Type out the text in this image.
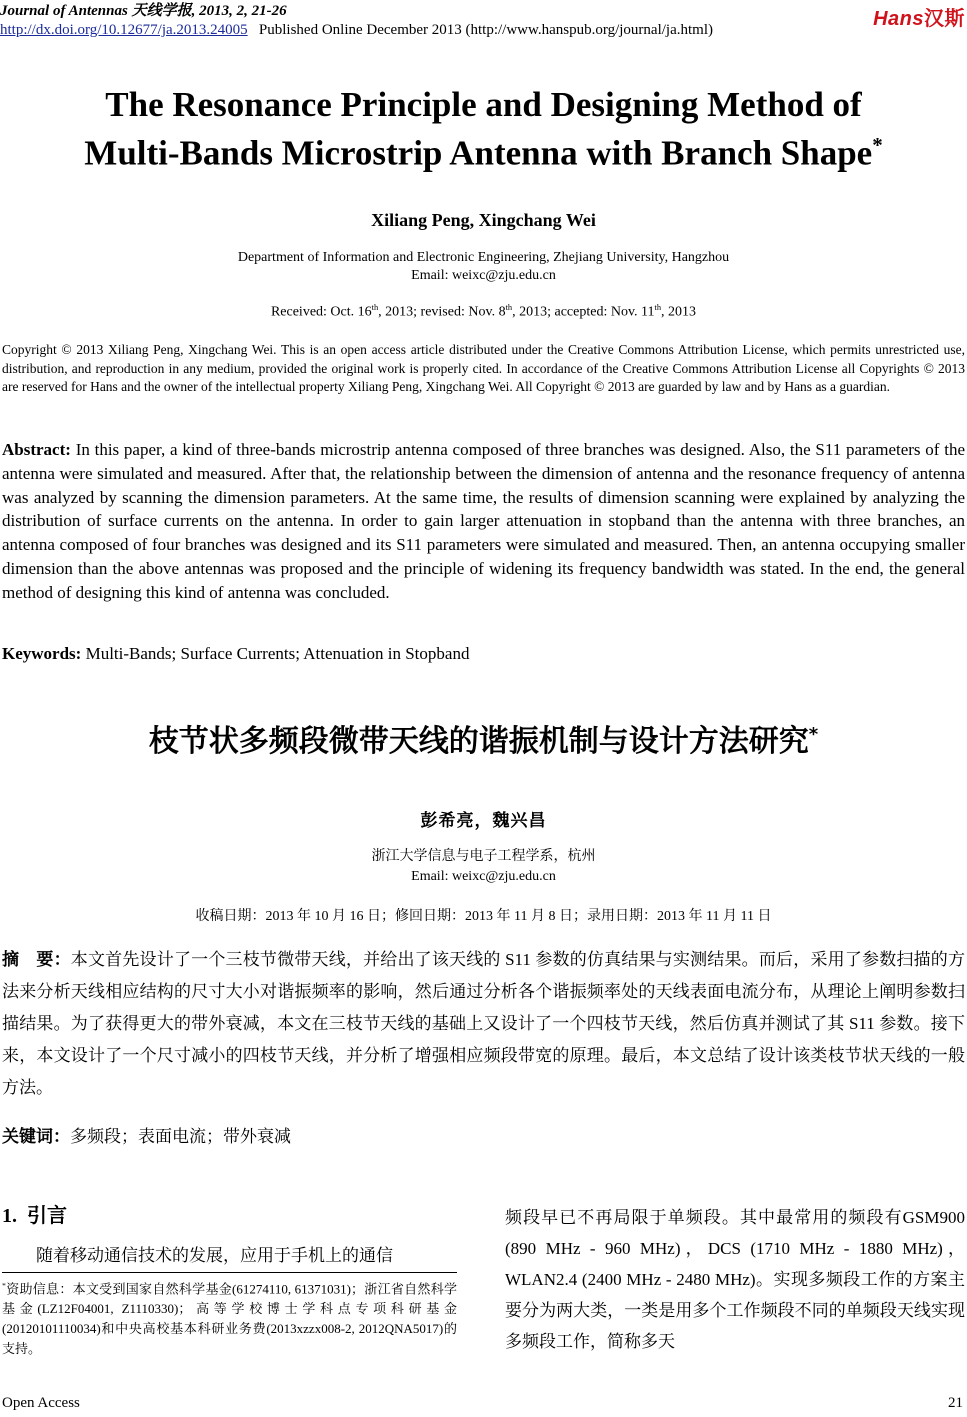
Journal of Antennas 天线学报, 2013, 2, 21-26
http://dx.doi.org/10.12677/ja.2013.24005 Published Online December 2013 (http://www.hanspub.org/journal/ja.html)	Hans汉斯
The Resonance Principle and Designing Method of
Multi-Bands Microstrip Antenna with Branch Shape*
Xiliang Peng, Xingchang Wei
Department of Information and Electronic Engineering, Zhejiang University, Hangzhou
Email: weixc@zju.edu.cn
Received: Oct. 16th, 2013; revised: Nov. 8th, 2013; accepted: Nov. 11th, 2013
Copyright © 2013 Xiliang Peng, Xingchang Wei. This is an open access article distributed under the Creative Commons Attribution License, which permits unrestricted use, distribution, and reproduction in any medium, provided the original work is properly cited. In accordance of the Creative Commons Attribution License all Copyrights © 2013 are reserved for Hans and the owner of the intellectual property Xiliang Peng, Xingchang Wei. All Copyright © 2013 are guarded by law and by Hans as a guardian.
Abstract: In this paper, a kind of three-bands microstrip antenna composed of three branches was designed. Also, the S11 parameters of the antenna were simulated and measured. After that, the relationship between the dimension of antenna and the resonance frequency of antenna was analyzed by scanning the dimension parameters. At the same time, the results of dimension scanning were explained by analyzing the distribution of surface currents on the antenna. In order to gain larger attenuation in stopband than the antenna with three branches, an antenna composed of four branches was designed and its S11 parameters were simulated and measured. Then, an antenna occupying smaller dimension than the above antennas was proposed and the principle of widening its frequency bandwidth was stated. In the end, the general method of designing this kind of antenna was concluded.
Keywords: Multi-Bands; Surface Currents; Attenuation in Stopband
枝节状多频段微带天线的谐振机制与设计方法研究*
彭希亮，魏兴昌
浙江大学信息与电子工程学系，杭州
Email: weixc@zju.edu.cn
收稿日期：2013 年 10 月 16 日；修回日期：2013 年 11 月 8 日；录用日期：2013 年 11 月 11 日
摘　要：本文首先设计了一个三枝节微带天线，并给出了该天线的 S11 参数的仿真结果与实测结果。而后，采用了参数扫描的方法来分析天线相应结构的尺寸大小对谐振频率的影响，然后通过分析各个谐振频率处的天线表面电流分布，从理论上阐明参数扫描结果。为了获得更大的带外衰减，本文在三枝节天线的基础上又设计了一个四枝节天线，然后仿真并测试了其 S11 参数。接下来，本文设计了一个尺寸减小的四枝节天线，并分析了增强相应频段带宽的原理。最后，本文总结了设计该类枝节状天线的一般方法。
关键词：多频段；表面电流；带外衰减
1. 引言
随着移动通信技术的发展，应用于手机上的通信
*资助信息：本文受到国家自然科学基金(61274110, 61371031)；浙江省自然科学基金(LZ12F04001, Z1110330)；高等学校博士学科点专项科研基金(20120101110034)和中央高校基本科研业务费(2013xzzx008-2, 2012QNA5017)的支持。
频段早已不再局限于单频段。其中最常用的频段有GSM900 (890 MHz - 960 MHz)，DCS (1710 MHz - 1880 MHz)，WLAN2.4 (2400 MHz - 2480 MHz)。实现多频段工作的方案主要分为两大类，一类是用多个工作频段不同的单频段天线实现多频段工作，简称多天
Open Access	21
